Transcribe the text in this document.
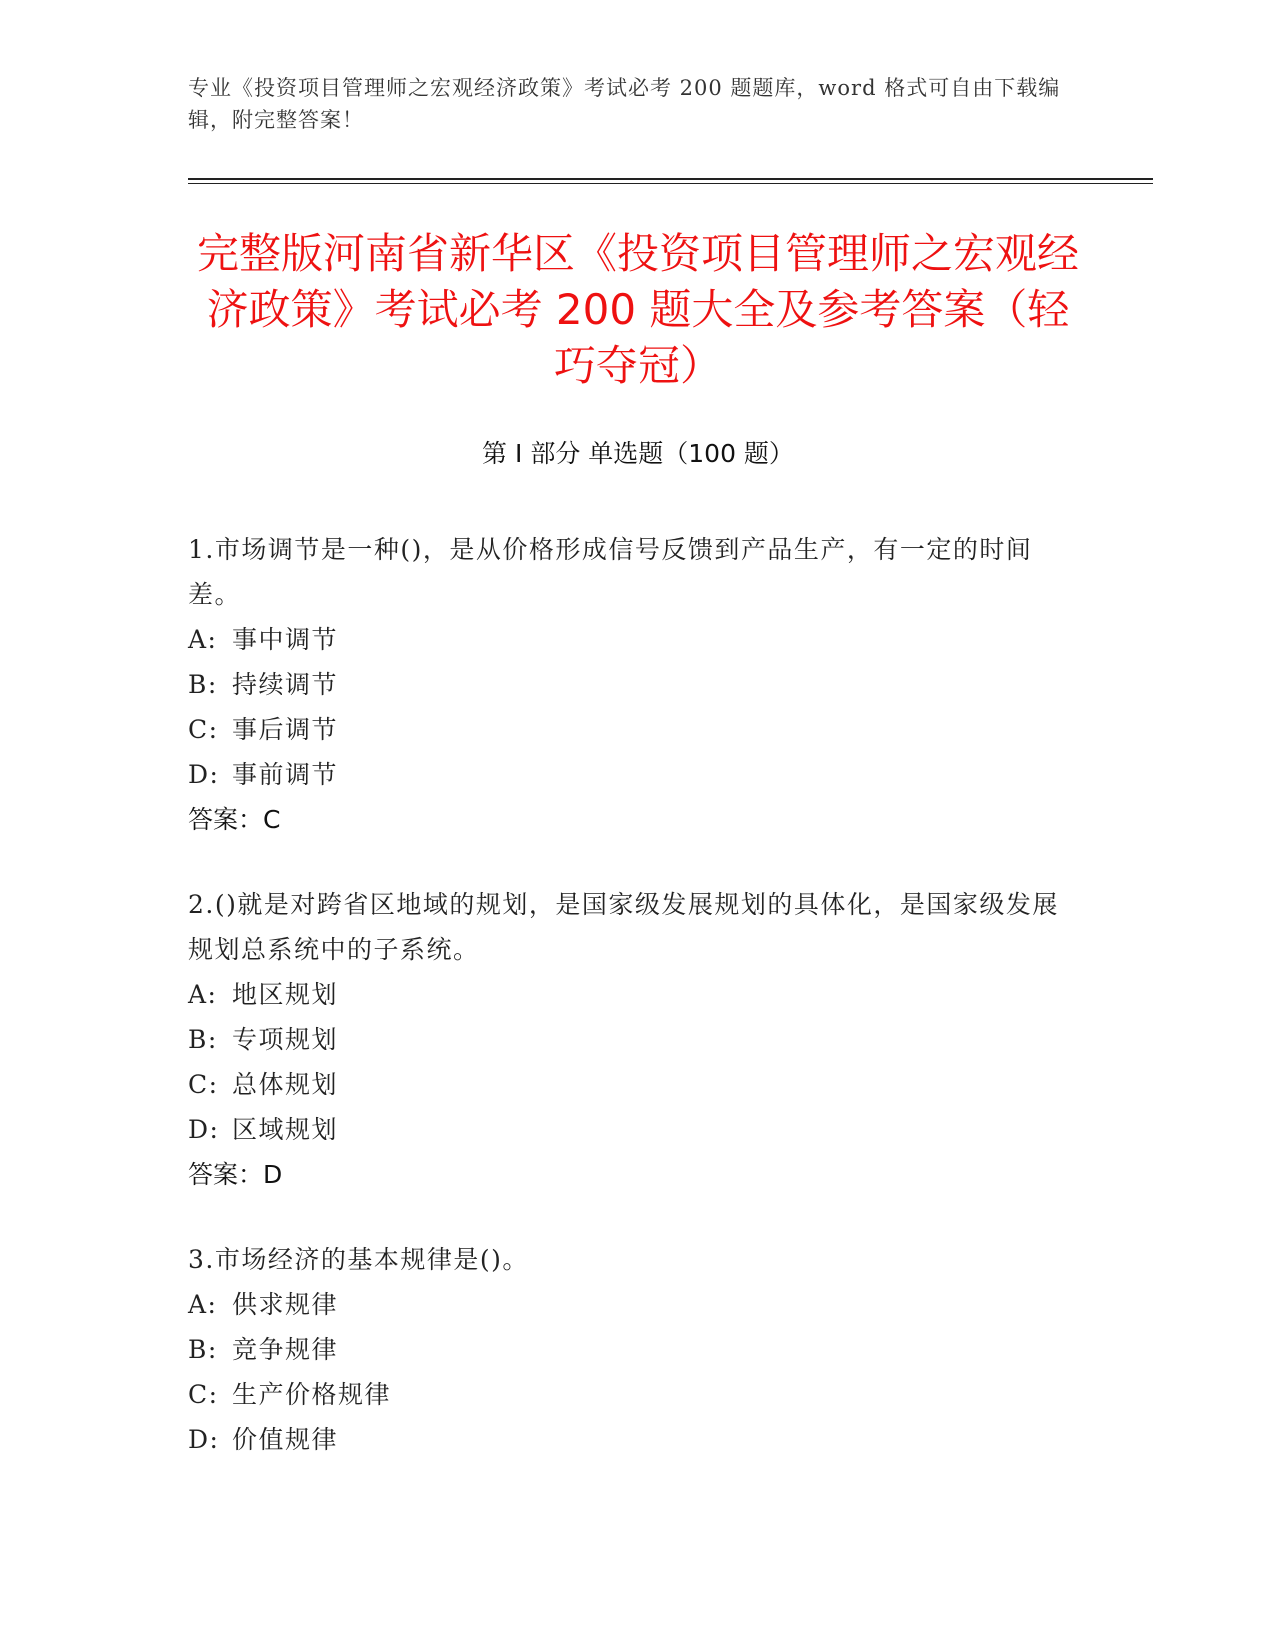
专业《投资项目管理师之宏观经济政策》考试必考 200 题题库，word 格式可自由下载编辑，附完整答案！

完整版河南省新华区《投资项目管理师之宏观经济政策》考试必考 200 题大全及参考答案（轻巧夺冠）
第 I 部分 单选题（100 题）

1.市场调节是一种()，是从价格形成信号反馈到产品生产，有一定的时间差。

A: 事中调节

B: 持续调节

C: 事后调节

D: 事前调节

答案：C

2.()就是对跨省区地域的规划，是国家级发展规划的具体化，是国家级发展规划总系统中的子系统。

A: 地区规划

B: 专项规划

C: 总体规划

D: 区域规划

答案：D

3.市场经济的基本规律是()。

A: 供求规律

B: 竞争规律

C: 生产价格规律

D: 价值规律
